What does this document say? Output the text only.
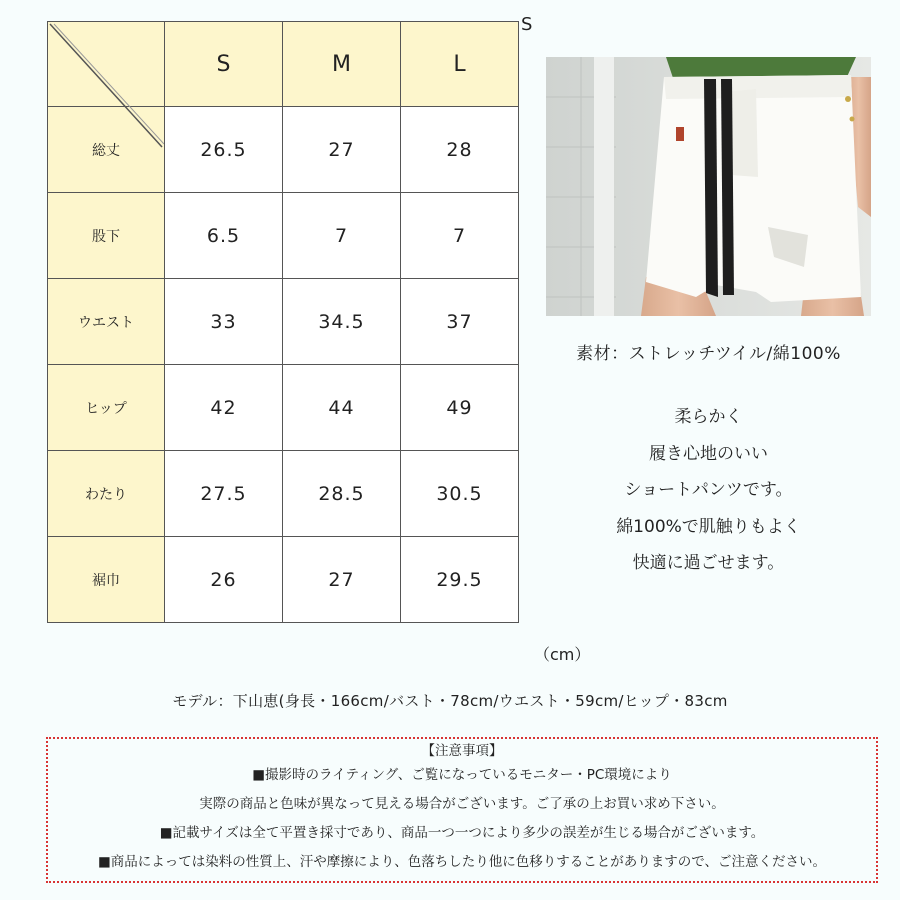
	S	M	L
総丈	26.5	27	28
股下	6.5	7	7
ウエスト	33	34.5	37
ヒップ	42	44	49
わたり	27.5	28.5	30.5
裾巾	26	27	29.5
S
（cm）
素材：ストレッチツイル/綿100%
柔らかく
履き心地のいい
ショートパンツです。
綿100%で肌触りもよく
快適に過ごせます。
モデル：下山恵(身長・166cm/バスト・78cm/ウエスト・59cm/ヒップ・83cm
【注意事項】
■撮影時のライティング、ご覧になっているモニター・PC環境により
実際の商品と色味が異なって見える場合がございます。ご了承の上お買い求め下さい。
■記載サイズは全て平置き採寸であり、商品一つ一つにより多少の誤差が生じる場合がございます。
■商品によっては染料の性質上、汗や摩擦により、色落ちしたり他に色移りすることがありますので、ご注意ください。
